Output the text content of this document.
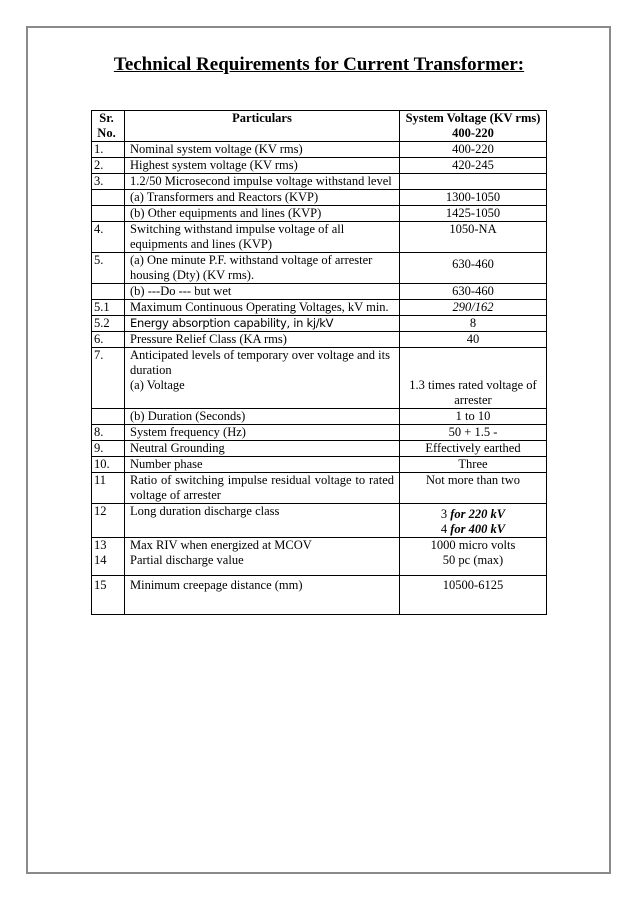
Technical Requirements for Current Transformer:
Sr. No.	Particulars	System Voltage (KV rms) 400-220
1.	Nominal system voltage (KV rms)	400-220
2.	Highest system voltage (KV rms)	420-245
3.	1.2/50 Microsecond impulse voltage withstand level	
	(a) Transformers and Reactors (KVP)	1300-1050
	(b) Other equipments and lines (KVP)	1425-1050
4.	Switching withstand impulse voltage of all equipments and lines (KVP)	1050-NA
5.	(a) One minute P.F. withstand voltage of arrester housing (Dty) (KV rms).	630-460
	(b) ---Do --- but wet	630-460
5.1	Maximum Continuous Operating Voltages, kV min.	290/162
5.2	Energy absorption capability, in kj/kV	8
6.	Pressure Relief Class (KA rms)	40
7.	Anticipated levels of temporary over voltage and its duration	
	(a) Voltage	1.3 times rated voltage of arrester
	(b) Duration (Seconds)	1 to 10
8.	System frequency (Hz)	50 + 1.5 -
9.	Neutral Grounding	Effectively earthed
10.	Number phase	Three
11	Ratio of switching impulse residual voltage to rated voltage of arrester	Not more than two
12	Long duration discharge class	3 for 220 kV
4 for 400 kV
13	Max RIV when energized at MCOV	1000 micro volts
14	Partial discharge value	50 pc (max)
15	Minimum creepage distance (mm)	10500-6125
